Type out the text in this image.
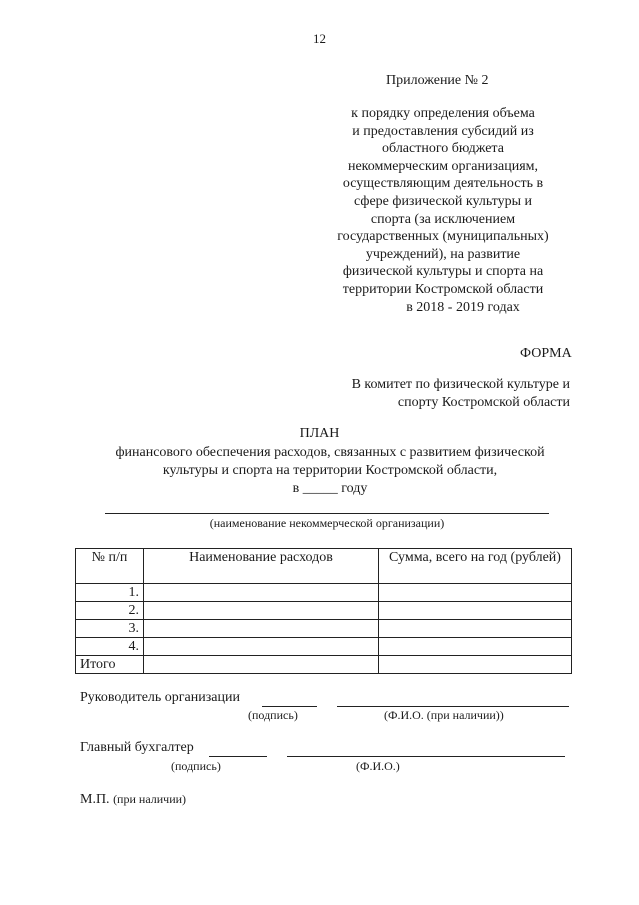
12
Приложение № 2
к порядку определения объема
и предоставления субсидий из
областного бюджета
некоммерческим организациям,
осуществляющим деятельность в
сфере физической культуры и
спорта (за исключением
государственных (муниципальных)
учреждений), на развитие
физической культуры и спорта на
территории Костромской области
в 2018 - 2019 годах
ФОРМА
В комитет по физической культуре и
спорту Костромской области
ПЛАН
финансового обеспечения расходов, связанных с развитием физической
культуры и спорта на территории Костромской области,
в _____ году
(наименование некоммерческой организации)
№ п/п	Наименование расходов	Сумма, всего на год (рублей)
1.		
2.		
3.		
4.		
Итого		
Руководитель организации
(подпись)	(Ф.И.О. (при наличии))
Главный бухгалтер
(подпись)	(Ф.И.О.)
М.П. (при наличии)
